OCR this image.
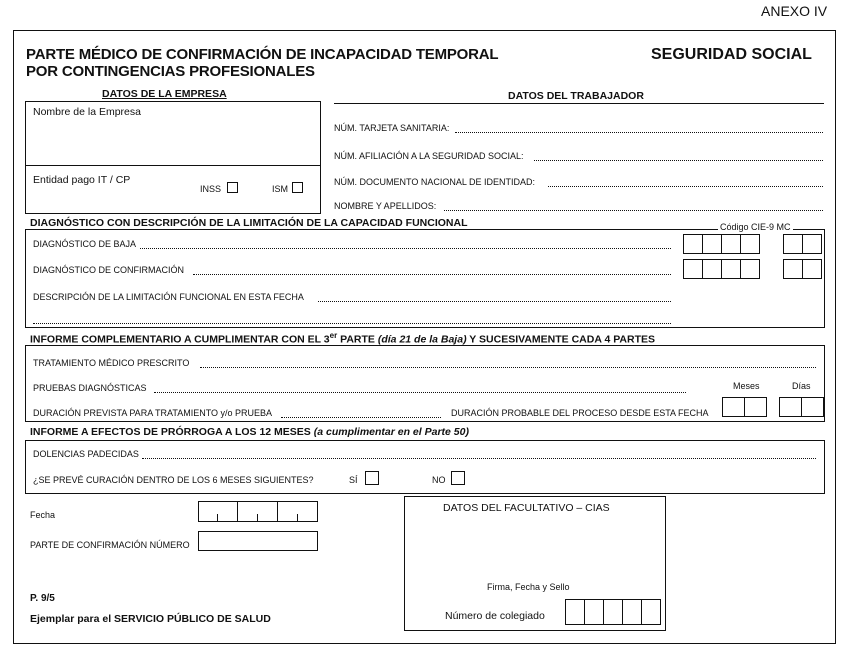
ANEXO IV
PARTE MÉDICO DE CONFIRMACIÓN DE INCAPACIDAD TEMPORAL
POR CONTINGENCIAS PROFESIONALES
SEGURIDAD SOCIAL
DATOS DE LA EMPRESA
Nombre de la Empresa
Entidad pago IT / CP
INSS	ISM
DATOS DEL TRABAJADOR
NÚM. TARJETA SANITARIA:
NÚM. AFILIACIÓN A LA SEGURIDAD SOCIAL:
NÚM. DOCUMENTO NACIONAL DE IDENTIDAD:
NOMBRE Y APELLIDOS:
DIAGNÓSTICO CON DESCRIPCIÓN DE LA LIMITACIÓN DE LA CAPACIDAD FUNCIONAL	Código CIE-9 MC
DIAGNÓSTICO DE BAJA
DIAGNÓSTICO DE CONFIRMACIÓN
DESCRIPCIÓN DE LA LIMITACIÓN FUNCIONAL EN ESTA FECHA
INFORME COMPLEMENTARIO A CUMPLIMENTAR CON EL 3er PARTE (día 21 de la Baja) Y SUCESIVAMENTE CADA 4 PARTES
TRATAMIENTO MÉDICO PRESCRITO
PRUEBAS DIAGNÓSTICAS	Meses	Días
DURACIÓN PREVISTA PARA TRATAMIENTO y/o PRUEBA	DURACIÓN PROBABLE DEL PROCESO DESDE ESTA FECHA
INFORME A EFECTOS DE PRÓRROGA A LOS 12 MESES (a cumplimentar en el Parte 50)
DOLENCIAS PADECIDAS
¿SE PREVÉ CURACIÓN DENTRO DE LOS 6 MESES SIGUIENTES?	SÍ	NO
Fecha
PARTE DE CONFIRMACIÓN NÚMERO
P. 9/5
Ejemplar para el SERVICIO PÚBLICO DE SALUD
DATOS DEL FACULTATIVO – CIAS
Firma, Fecha y Sello
Número de colegiado
